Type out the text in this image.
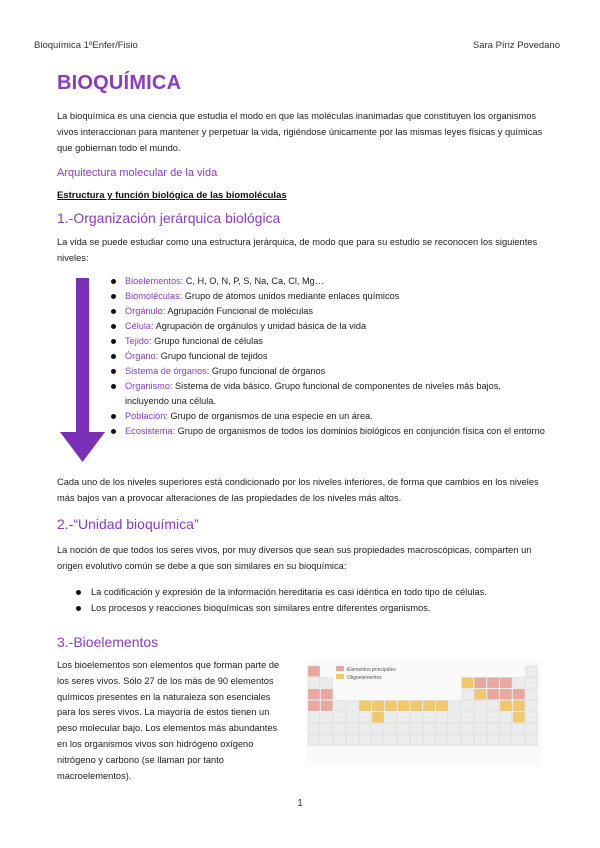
Bioquímica 1ºEnfer/Fisio	Sara Píriz Povedano
BIOQUÍMICA

La bioquímica es una ciencia que estudia el modo en que las moléculas inanimadas que constituyen los organismos vivos interaccionan para mantener y perpetuar la vida, rigiéndose únicamente por las mismas leyes físicas y químicas que gobiernan todo el mundo.

Arquitectura molecular de la vida
Estructura y función biológica de las biomoléculas
1.-Organización jerárquica biológica

La vida se puede estudiar como una estructura jerárquica, de modo que para su estudio se reconocen los siguientes niveles:

Bioelementos: C, H, O, N, P, S, Na, Ca, Cl, Mg…
Biomoléculas: Grupo de átomos unidos mediante enlaces químicos
Orgánulo: Agrupación Funcional de moléculas
Célula: Agrupación de orgánulos y unidad básica de la vida
Tejido: Grupo funcional de células
Órgano: Grupo funcional de tejidos
Sistema de órganos: Grupo funcional de órganos
Organismo: Sistema de vida básico. Grupo funcional de componentes de niveles más bajos, incluyendo una célula.
Población: Grupo de organismos de una especie en un área.
Ecosistema: Grupo de organismos de todos los dominios biológicos en conjunción física con el entorno

Cada uno de los niveles superiores está condicionado por los niveles inferiores, de forma que cambios en los niveles más bajos van a provocar alteraciones de las propiedades de los niveles más altos.

2.-“Unidad bioquímica”

La noción de que todos los seres vivos, por muy diversos que sean sus propiedades macroscópicas, comparten un origen evolutivo común se debe a que son similares en su bioquímica:

La codificación y expresión de la información hereditaria es casi idéntica en todo tipo de células.
Los procesos y reacciones bioquímicas son similares entre diferentes organismos.
3.-Bioelementos

Los bioelementos son elementos que forman parte de los seres vivos. Sólo 27 de los más de 90 elementos químicos presentes en la naturaleza son esenciales para los seres vivos. La mayoría de estos tienen un peso molecular bajo. Los elementos más abundantes en los organismos vivos son hidrógeno oxígeno nitrógeno y carbono (se llaman por tanto macroelementos).

Elementos principales
Oligoelementos
1
